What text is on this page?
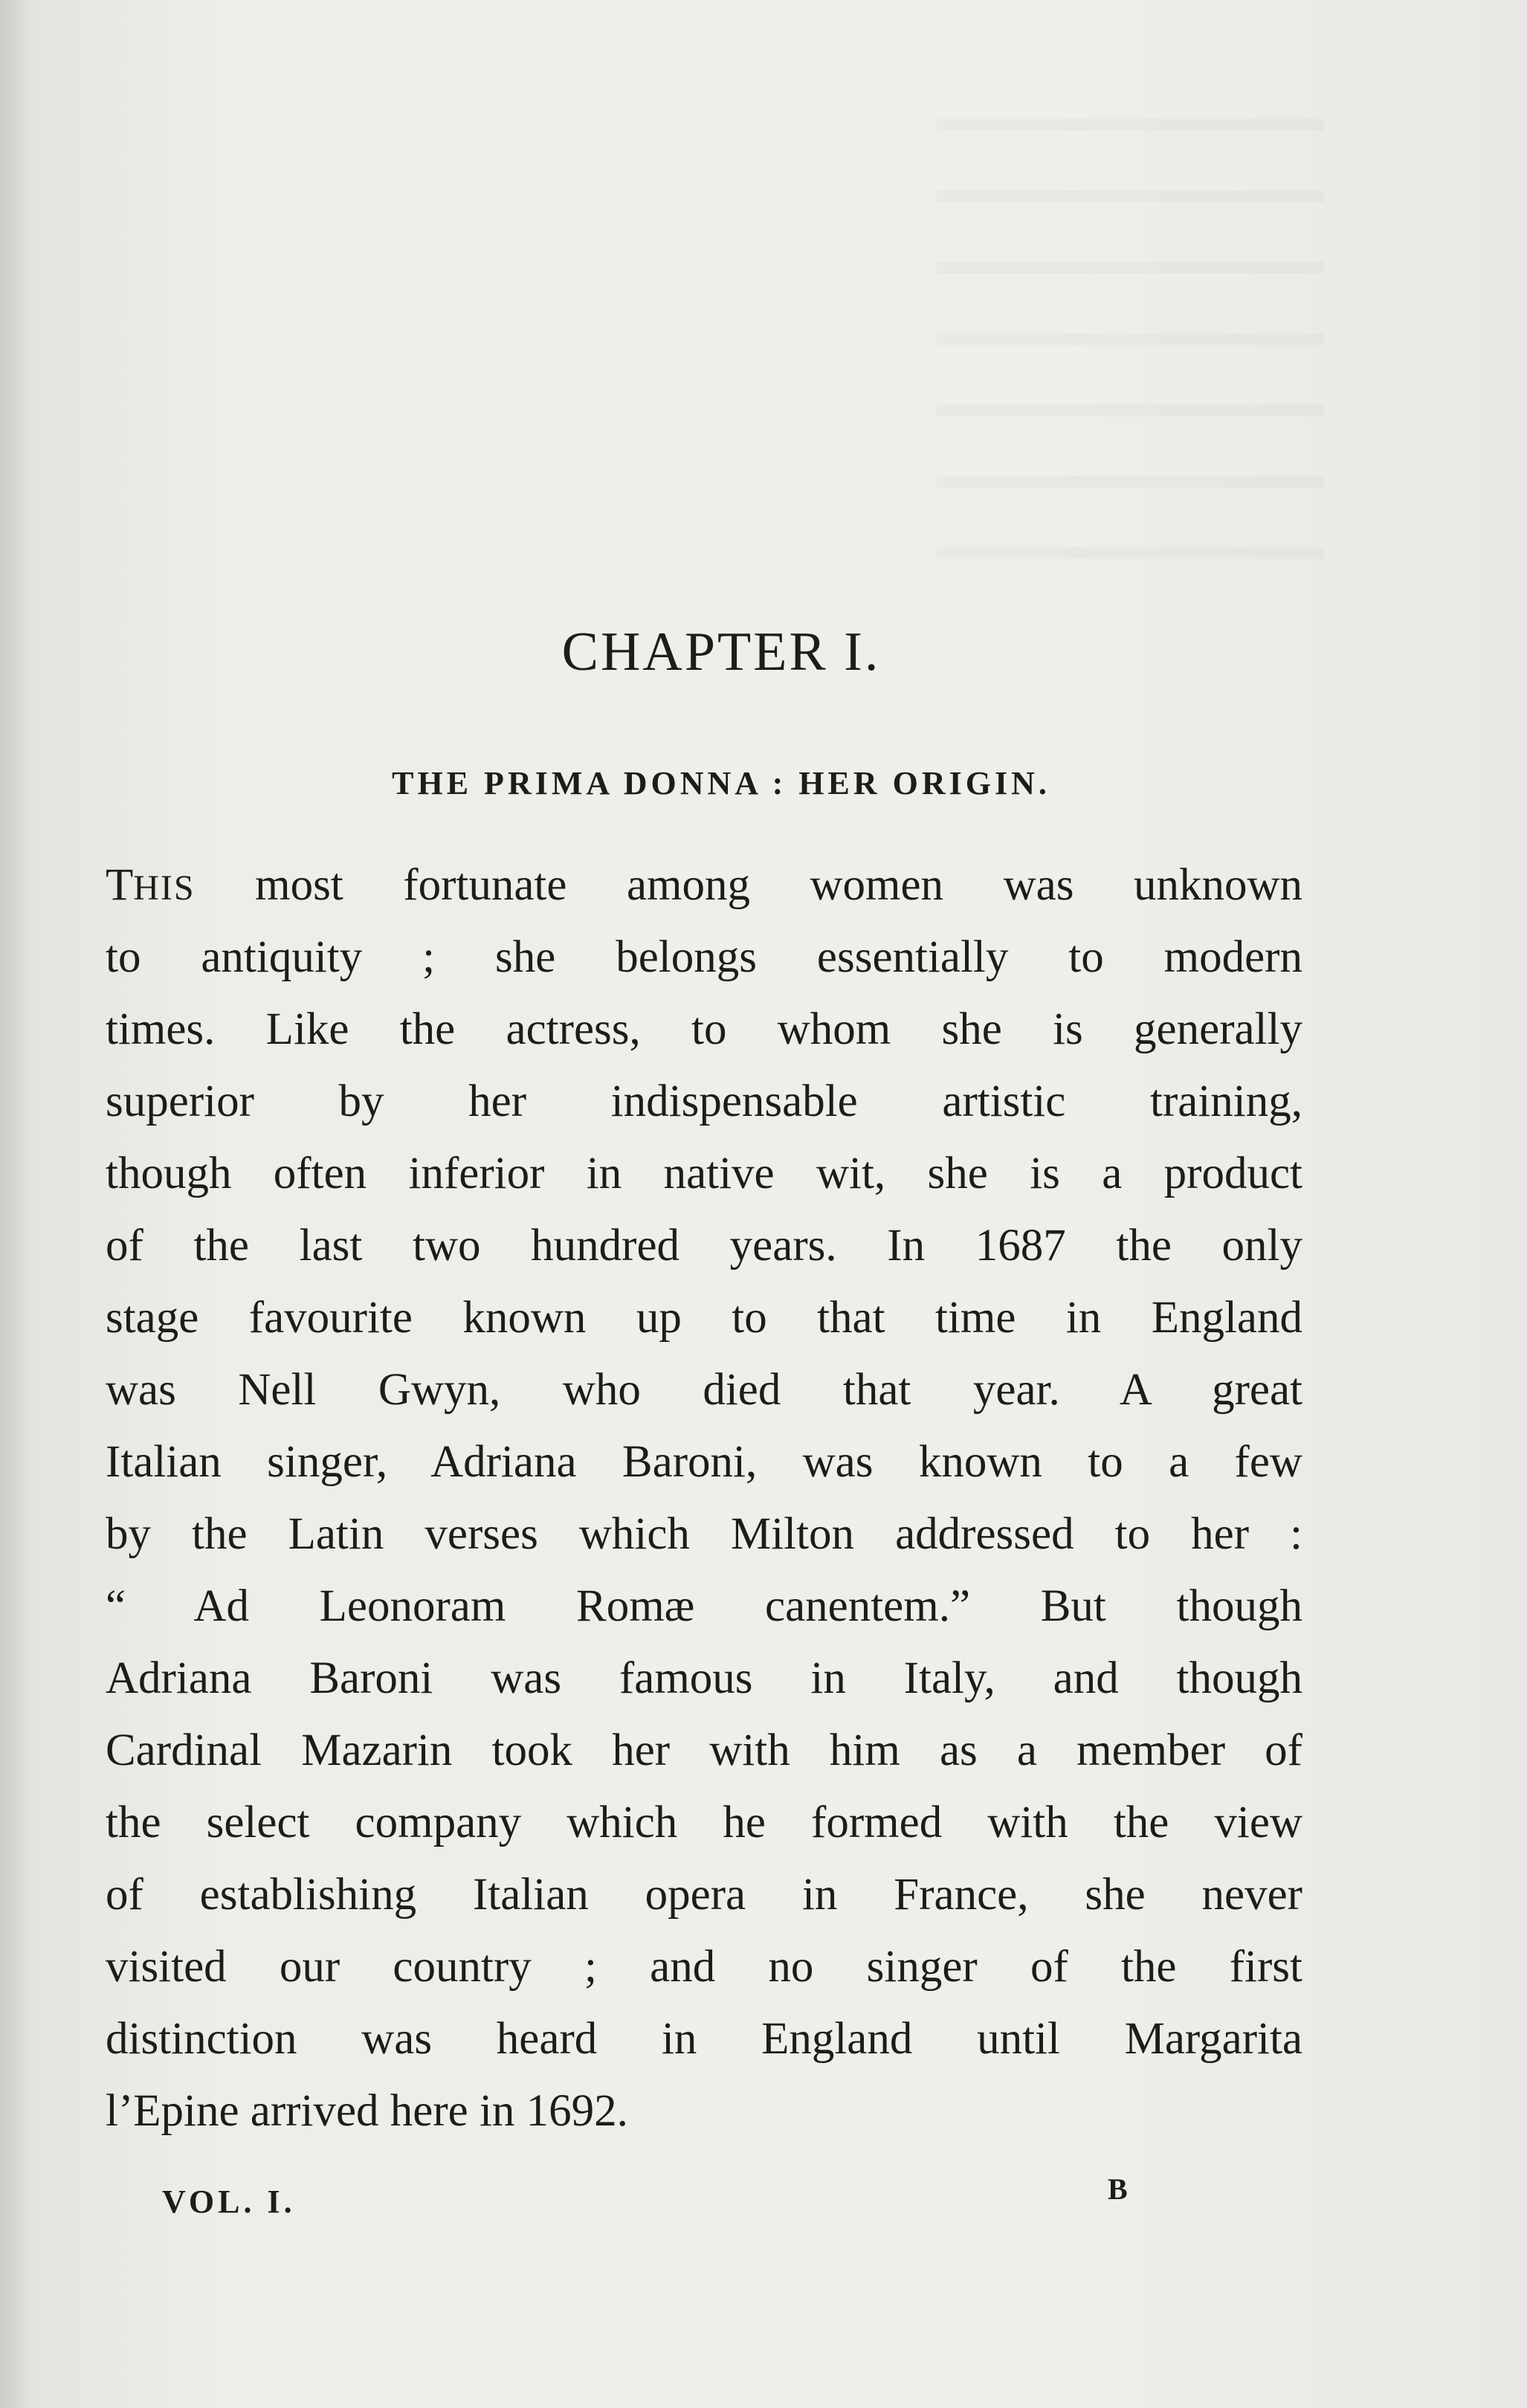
CHAPTER I.
THE PRIMA DONNA : HER ORIGIN.
THIS most fortunate among women was unknown
to antiquity ; she belongs essentially to modern
times. Like the actress, to whom she is generally
superior by her indispensable artistic training,
though often inferior in native wit, she is a product
of the last two hundred years. In 1687 the only
stage favourite known up to that time in England
was Nell Gwyn, who died that year. A great
Italian singer, Adriana Baroni, was known to a few
by the Latin verses which Milton addressed to her :
“ Ad Leonoram Romæ canentem.” But though
Adriana Baroni was famous in Italy, and though
Cardinal Mazarin took her with him as a member of
the select company which he formed with the view
of establishing Italian opera in France, she never
visited our country ; and no singer of the first
distinction was heard in England until Margarita
l’Epine arrived here in 1692.
VOL. I.	B
